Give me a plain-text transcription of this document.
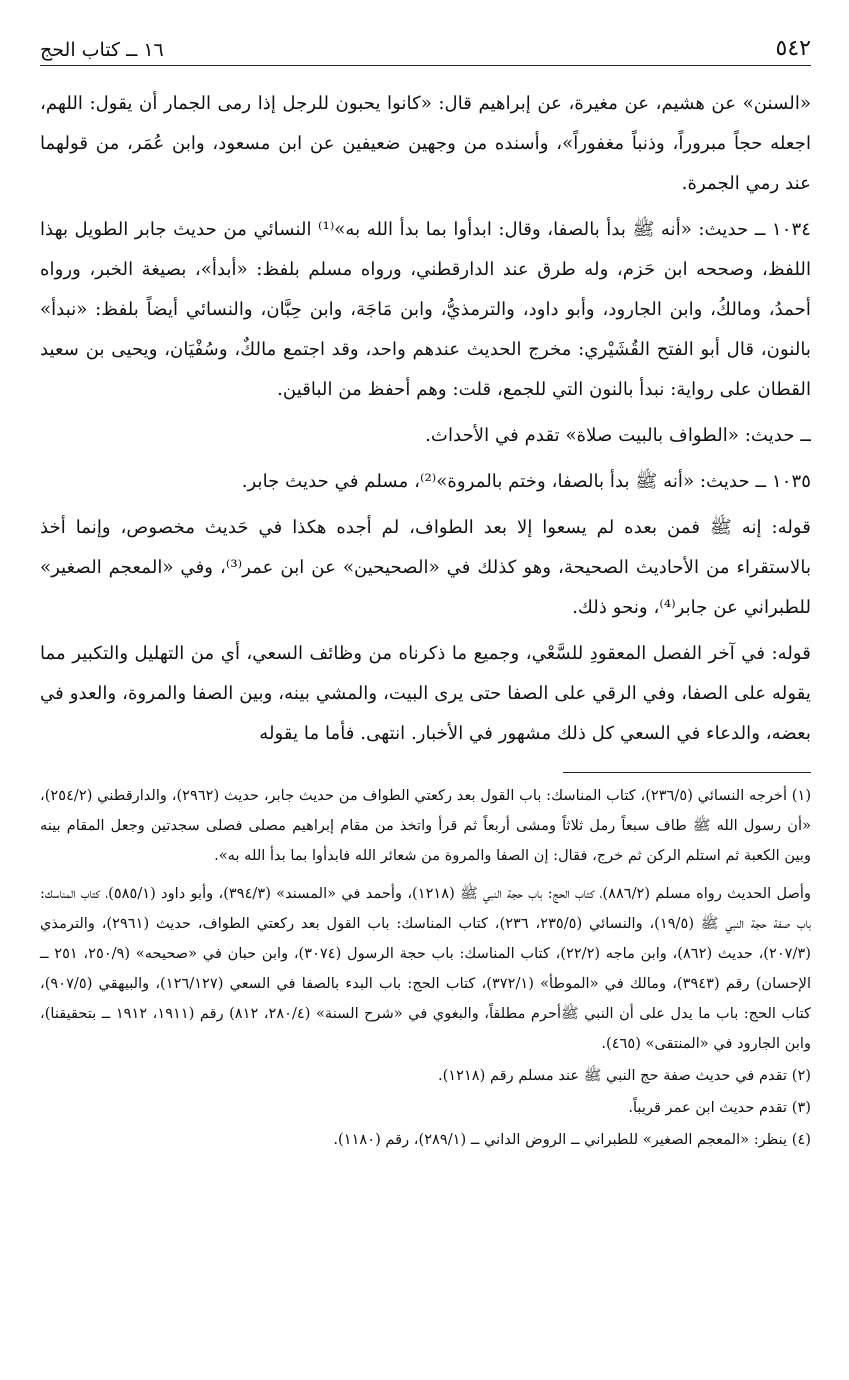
٥٤٢
١٦ ــ كتاب الحج

«السنن» عن هشيم، عن مغيرة، عن إبراهيم قال: «كانوا يحبون للرجل إذا رمى الجمار أن يقول: اللهم، اجعله حجاً مبروراً، وذنباً مغفوراً»، وأسنده من وجهين ضعيفين عن ابن مسعود، وابن عُمَر، من قولهما عند رمي الجمرة.

١٠٣٤ ــ حديث: «أنه ﷺ بدأ بالصفا، وقال: ابدأوا بما بدأ الله به»⁽¹⁾ النسائي من حديث جابر الطويل بهذا اللفظ، وصححه ابن حَزم، وله طرق عند الدارقطني، ورواه مسلم بلفظ: «أبدأ»، بصيغة الخبر، ورواه أحمدُ، ومالكُ، وابن الجارود، وأبو داود، والترمذيُّ، وابن مَاجَة، وابن حِبَّان، والنسائي أيضاً بلفظ: «نبدأ» بالنون، قال أبو الفتح القُشَيْري: مخرج الحديث عندهم واحد، وقد اجتمع مالكٌ، وسُفْيَان، ويحيى بن سعيد القطان على رواية: نبدأ بالنون التي للجمع، قلت: وهم أحفظ من الباقين.

ــ حديث: «الطواف بالبيت صلاة» تقدم في الأحداث.

١٠٣٥ ــ حديث: «أنه ﷺ بدأ بالصفا، وختم بالمروة»⁽²⁾، مسلم في حديث جابر.

قوله: إنه ﷺ فمن بعده لم يسعوا إلا بعد الطواف، لم أجده هكذا في حَديث مخصوص، وإنما أخذ بالاستقراء من الأحاديث الصحيحة، وهو كذلك في «الصحيحين» عن ابن عمر⁽³⁾، وفي «المعجم الصغير» للطبراني عن جابر⁽⁴⁾، ونحو ذلك.

قوله: في آخر الفصل المعقودِ للسَّعْي، وجميع ما ذكرناه من وظائف السعي، أي من التهليل والتكبير مما يقوله على الصفا، وفي الرقي على الصفا حتى يرى البيت، والمشي بينه، وبين الصفا والمروة، والعدو في بعضه، والدعاء في السعي كل ذلك مشهور في الأخبار. انتهى. فأما ما يقوله

(١) أخرجه النسائي (٢٣٦/٥)، كتاب المناسك: باب القول بعد ركعتي الطواف من حديث جابر، حديث (٢٩٦٢)، والدارقطني (٢٥٤/٢)، «أن رسول الله ﷺ طاف سبعاً رمل ثلاثاً ومشى أربعاً ثم قرأ واتخذ من مقام إبراهيم مصلى فصلى سجدتين وجعل المقام بينه وبين الكعبة ثم استلم الركن ثم خرج، فقال: إن الصفا والمروة من شعائر الله فابدأوا بما بدأ الله به».

وأصل الحديث رواه مسلم (٨٨٦/٢)، كتاب الحج: باب حجة النبي ﷺ (١٢١٨)، وأحمد في «المسند» (٣٩٤/٣)، وأبو داود (٥٨٥/١)، كتاب المناسك: باب صفة حجة النبي ﷺ (١٩/٥)، والنسائي (٢٣٥/٥، ٢٣٦)، كتاب المناسك: باب القول بعد ركعتي الطواف، حديث (٢٩٦١)، والترمذي (٢٠٧/٣)، حديث (٨٦٢)، وابن ماجه (٢٢/٢)، كتاب المناسك: باب حجة الرسول (٣٠٧٤)، وابن حبان في «صحيحه» (٢٥٠/٩، ٢٥١ ــ الإحسان) رقم (٣٩٤٣)، ومالك في «الموطأ» (٣٧٢/١)، كتاب الحج: باب البدء بالصفا في السعي (١٢٦/١٢٧)، والبيهقي (٩٠٧/٥)، كتاب الحج: باب ما يدل على أن النبي ﷺأحرم مطلقاً، والبغوي في «شرح السنة» (٢٨٠/٤، ٨١٢) رقم (١٩١١، ١٩١٢ ــ بتحقيقنا)، وابن الجارود في «المنتقى» (٤٦٥).

(٢) تقدم في حديث صفة حج النبي ﷺ عند مسلم رقم (١٢١٨).

(٣) تقدم حديث ابن عمر قريباً.

(٤) ينظر: «المعجم الصغير» للطبراني ــ الروض الداني ــ (٢٨٩/١)، رقم (١١٨٠).
